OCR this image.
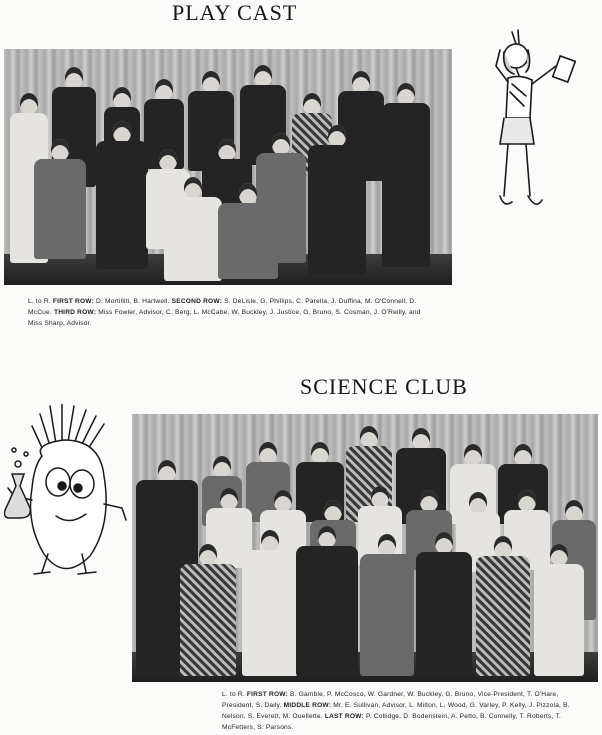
PLAY CAST
L. to R. FIRST ROW: D. Mortilliti, B. Hartwell. SECOND ROW: S. DeLisle, G. Phillips, C. Parella, J. Duffina, M. O'Connell, D. McCue. THIRD ROW: Miss Fowler, Advisor, C. Berg, L. McCabe, W. Buckley, J. Justice, G. Bruno, S. Cosman, J. O'Reilly, and Miss Sharp, Advisor.
SCIENCE CLUB
L. to R. FIRST ROW: B. Gamble, P. McCosco, W. Gardner, W. Buckley, G. Bruno, Vice-President, T. O'Hare, President, S. Daily. MIDDLE ROW: Mr. E. Sullivan, Advisor, L. Milton, L. Wood, G. Varley, P. Kelly, J. Pizzola, B. Nelson, S. Everett, M. Ouellette. LAST ROW: P. Collidge, D. Bodenstein, A. Petto, B. Connelly, T. Roberts, T. McFetters, S. Parsons.
